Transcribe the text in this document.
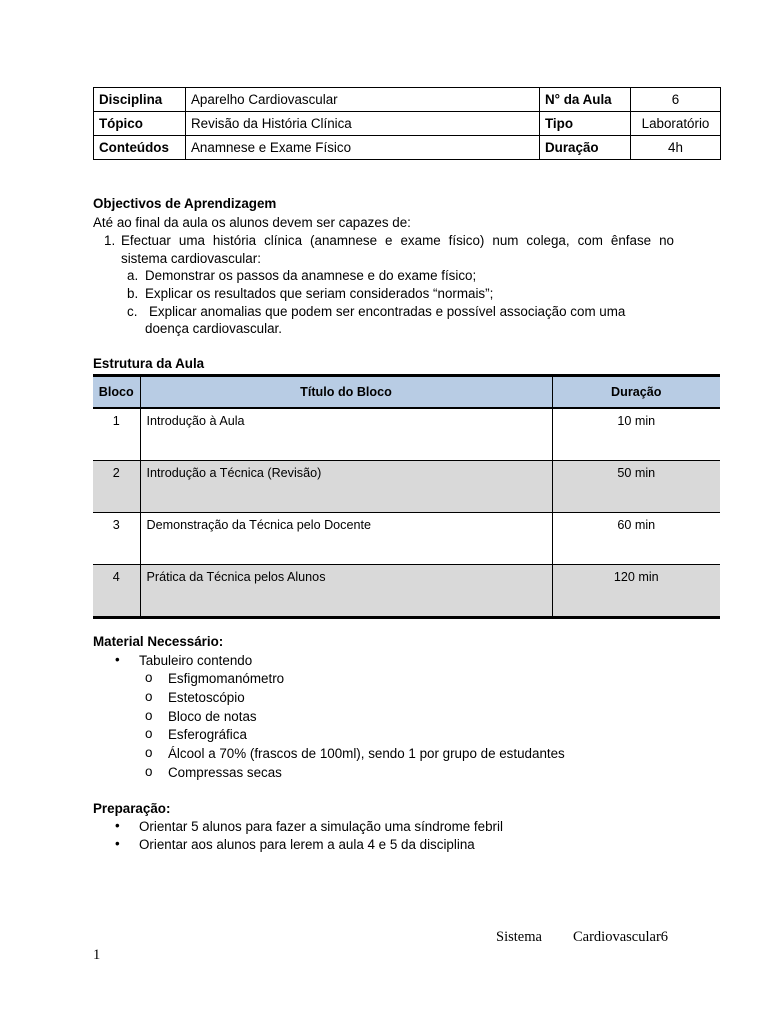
Disciplina	Aparelho Cardiovascular	N° da Aula	6
Tópico	Revisão da História Clínica	Tipo	Laboratório
Conteúdos	Anamnese e Exame Físico	Duração	4h
Objectivos de Aprendizagem
Até ao final da aula os alunos devem ser capazes de:
1. Efectuar uma história clínica (anamnese e exame físico) num colega, com ênfase no
sistema cardiovascular:
a. Demonstrar os passos da anamnese e do exame físico;
b. Explicar os resultados que seriam considerados “normais”;
c. Explicar anomalias que podem ser encontradas e possível associação com uma
doença cardiovascular.
Estrutura da Aula
Bloco	Título do Bloco	Duração
1	Introdução à Aula	10 min
2	Introdução a Técnica (Revisão)	50 min
3	Demonstração da Técnica pelo Docente	60 min
4	Prática da Técnica pelos Alunos	120 min
Material Necessário:
• Tabuleiro contendo
o Esfigmomanómetro
o Estetoscópio
o Bloco de notas
o Esferográfica
o Álcool a 70% (frascos de 100ml), sendo 1 por grupo de estudantes
o Compressas secas
Preparação:
• Orientar 5 alunos para fazer a simulação uma síndrome febril
• Orientar aos alunos para lerem a aula 4 e 5 da disciplina
Sistema Cardiovascular6
1
